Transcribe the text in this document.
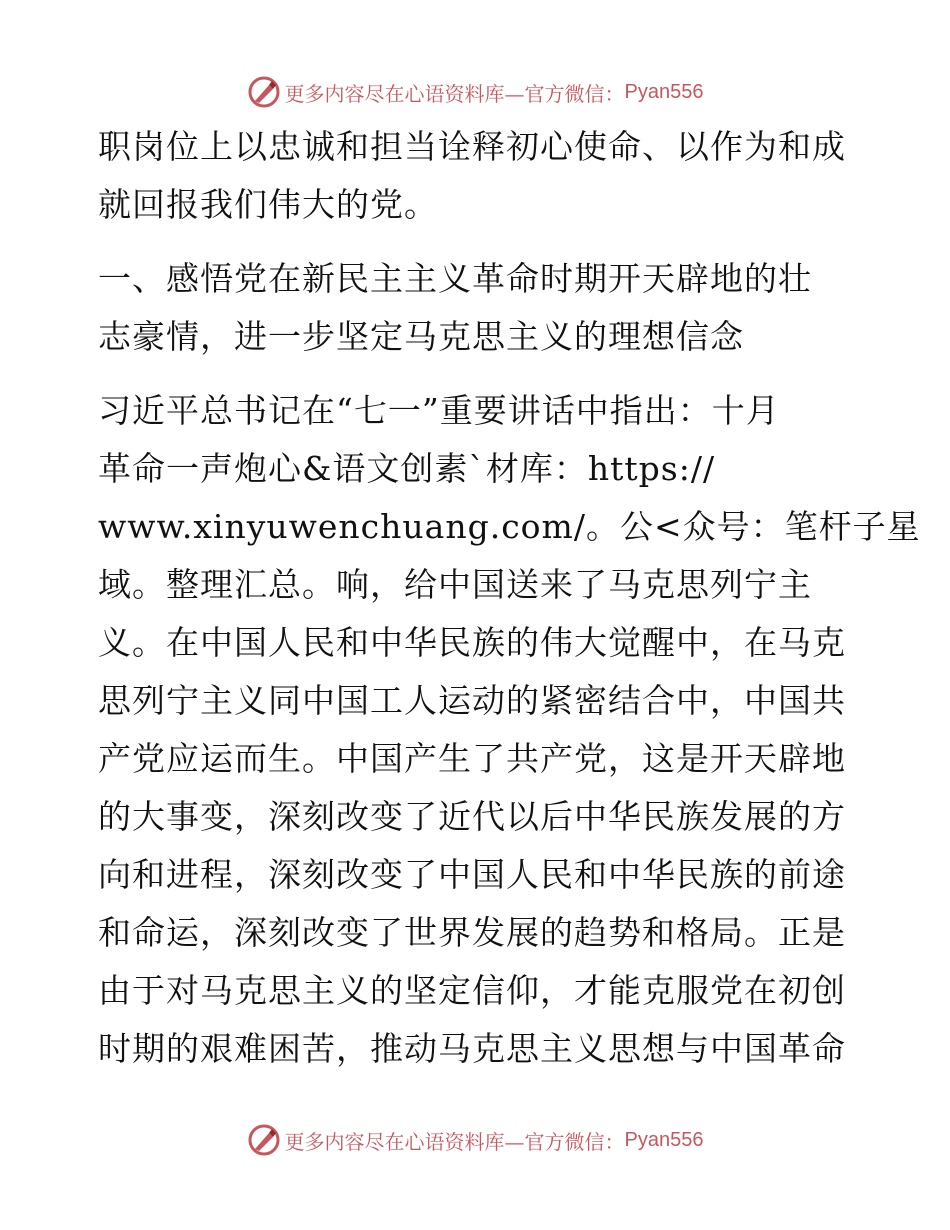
更多内容尽在心语资料库—官方微信： Pyan556
职岗位上以忠诚和担当诠释初心使命、以作为和成
就回报我们伟大的党。
一、感悟党在新民主主义革命时期开天辟地的壮
志豪情，进一步坚定马克思主义的理想信念
习近平总书记在“七一”重要讲话中指出：十月
革命一声炮心&语文创素`材库：https://
www.xinyuwenchuang.com/。公<众号：笔杆子星
域。整理汇总。响，给中国送来了马克思列宁主
义。在中国人民和中华民族的伟大觉醒中，在马克
思列宁主义同中国工人运动的紧密结合中，中国共
产党应运而生。中国产生了共产党，这是开天辟地
的大事变，深刻改变了近代以后中华民族发展的方
向和进程，深刻改变了中国人民和中华民族的前途
和命运，深刻改变了世界发展的趋势和格局。正是
由于对马克思主义的坚定信仰，才能克服党在初创
时期的艰难困苦，推动马克思主义思想与中国革命
更多内容尽在心语资料库—官方微信： Pyan556
